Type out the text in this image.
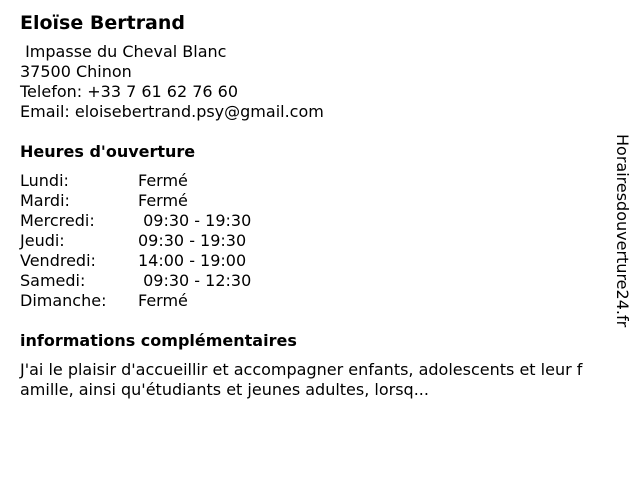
Eloïse Bertrand
Impasse du Cheval Blanc
37500 Chinon
Telefon: +33 7 61 62 76 60
Email: eloisebertrand.psy@gmail.com
Heures d'ouverture
Lundi:	Fermé
Mardi:	Fermé
Mercredi:	09:30 - 19:30
Jeudi:	09:30 - 19:30
Vendredi:	14:00 - 19:00
Samedi:	09:30 - 12:30
Dimanche:	Fermé
informations complémentaires
J'ai le plaisir d'accueillir et accompagner enfants, adolescents et leur famille, ainsi qu'étudiants et jeunes adultes, lorsq...
Horairesdouverture24.fr
